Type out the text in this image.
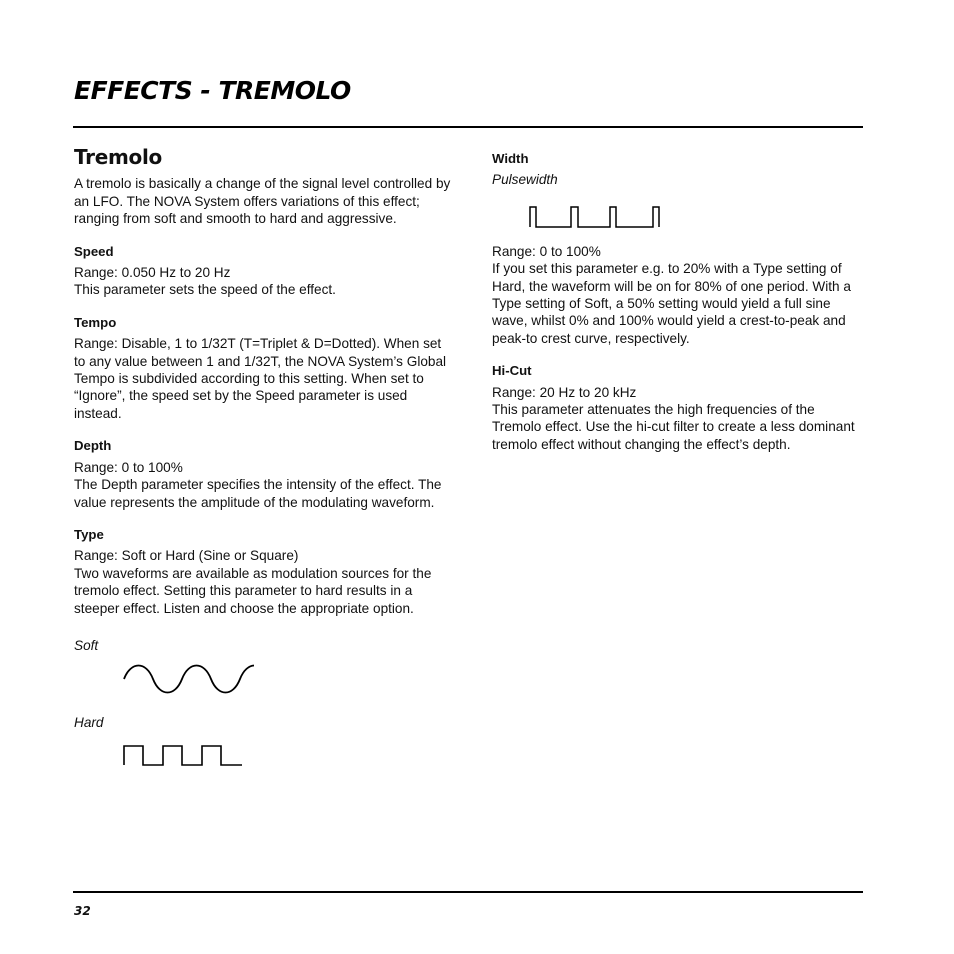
EFFECTS - TREMOLO
Tremolo

A tremolo is basically a change of the signal level controlled by an LFO. The NOVA System offers variations of this effect; ranging from soft and smooth to hard and aggressive.

Speed

Range: 0.050 Hz to 20 Hz

This parameter sets the speed of the effect.

Tempo

Range: Disable, 1 to 1/32T (T=Triplet & D=Dotted). When set to any value between 1 and 1/32T, the NOVA System’s Global Tempo is subdivided according to this setting. When set to “Ignore”, the speed set by the Speed parameter is used instead.

Depth

Range: 0 to 100%

The Depth parameter specifies the intensity of the effect. The value represents the amplitude of the modulating waveform.

Type

Range: Soft or Hard (Sine or Square)

Two waveforms are available as modulation sources for the tremolo effect. Setting this parameter to hard results in a steeper effect. Listen and choose the appropriate option.

Soft

Hard

Width

Pulsewidth

Range: 0 to 100%

If you set this parameter e.g. to 20% with a Type setting of Hard, the waveform will be on for 80% of one period. With a Type setting of Soft, a 50% setting would yield a full sine wave, whilst 0% and 100% would yield a crest-to-peak and peak-to crest curve, respectively.

Hi-Cut

Range: 20 Hz to 20 kHz

This parameter attenuates the high frequencies of the Tremolo effect. Use the hi-cut filter to create a less dominant tremolo effect without changing the effect’s depth.

32
